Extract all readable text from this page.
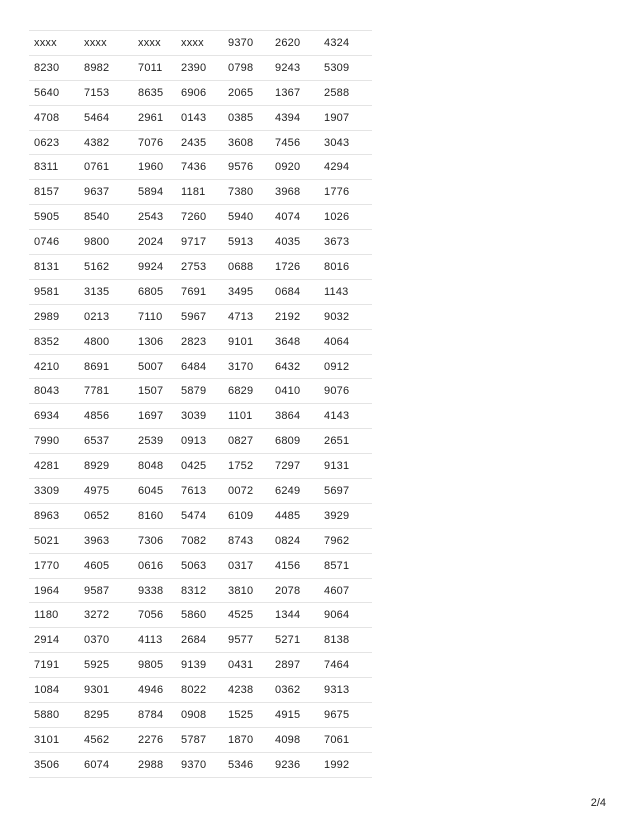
xxxx	xxxx	xxxx	xxxx	9370	2620	4324
8230	8982	7011	2390	0798	9243	5309
5640	7153	8635	6906	2065	1367	2588
4708	5464	2961	0143	0385	4394	1907
0623	4382	7076	2435	3608	7456	3043
8311	0761	1960	7436	9576	0920	4294
8157	9637	5894	1181	7380	3968	1776
5905	8540	2543	7260	5940	4074	1026
0746	9800	2024	9717	5913	4035	3673
8131	5162	9924	2753	0688	1726	8016
9581	3135	6805	7691	3495	0684	1143
2989	0213	7110	5967	4713	2192	9032
8352	4800	1306	2823	9101	3648	4064
4210	8691	5007	6484	3170	6432	0912
8043	7781	1507	5879	6829	0410	9076
6934	4856	1697	3039	1101	3864	4143
7990	6537	2539	0913	0827	6809	2651
4281	8929	8048	0425	1752	7297	9131
3309	4975	6045	7613	0072	6249	5697
8963	0652	8160	5474	6109	4485	3929
5021	3963	7306	7082	8743	0824	7962
1770	4605	0616	5063	0317	4156	8571
1964	9587	9338	8312	3810	2078	4607
1180	3272	7056	5860	4525	1344	9064
2914	0370	4113	2684	9577	5271	8138
7191	5925	9805	9139	0431	2897	7464
1084	9301	4946	8022	4238	0362	9313
5880	8295	8784	0908	1525	4915	9675
3101	4562	2276	5787	1870	4098	7061
3506	6074	2988	9370	5346	9236	1992
2/4
